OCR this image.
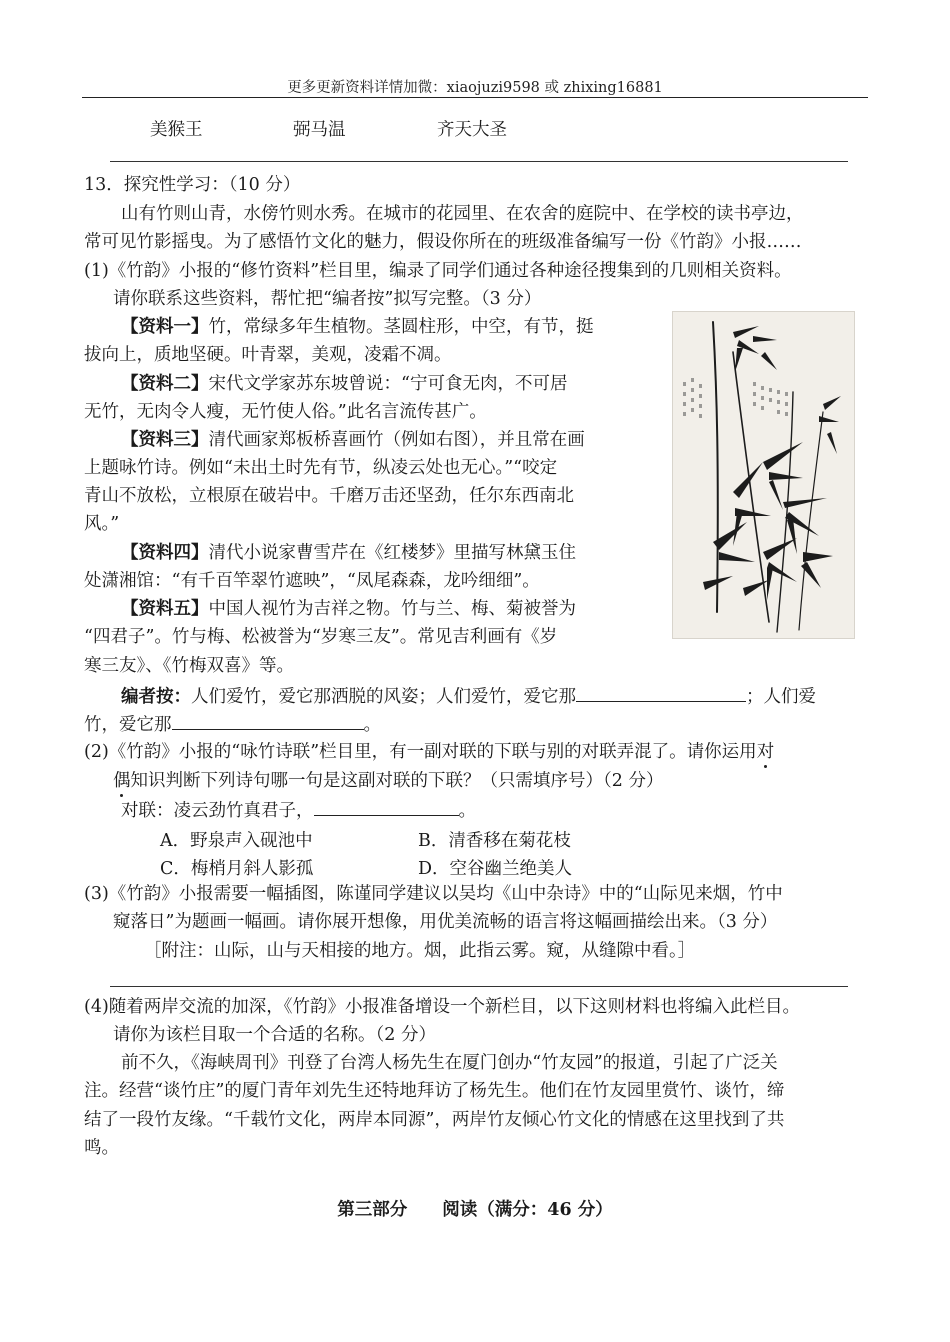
更多更新资料详情加微：xiaojuzi9598 或 zhixing16881
美猴王	弼马温	齐天大圣
13．探究性学习：（10 分）
山有竹则山青，水傍竹则水秀。在城市的花园里、在农舍的庭院中、在学校的读书亭边，
常可见竹影摇曳。为了感悟竹文化的魅力，假设你所在的班级准备编写一份《竹韵》小报……
(1)《竹韵》小报的“修竹资料”栏目里，编录了同学们通过各种途径搜集到的几则相关资料。
请你联系这些资料，帮忙把“编者按”拟写完整。（3 分）
【资料一】竹，常绿多年生植物。茎圆柱形，中空，有节，挺
拔向上，质地坚硬。叶青翠，美观，凌霜不凋。
【资料二】宋代文学家苏东坡曾说：“宁可食无肉，不可居
无竹，无肉令人瘦，无竹使人俗。”此名言流传甚广。
【资料三】清代画家郑板桥喜画竹（例如右图），并且常在画
上题咏竹诗。例如“未出土时先有节，纵凌云处也无心。”“咬定
青山不放松，立根原在破岩中。千磨万击还坚劲，任尔东西南北
风。”
【资料四】清代小说家曹雪芹在《红楼梦》里描写林黛玉住
处潇湘馆：“有千百竿翠竹遮映”，“凤尾森森，龙吟细细”。
【资料五】中国人视竹为吉祥之物。竹与兰、梅、菊被誉为
“四君子”。竹与梅、松被誉为“岁寒三友”。常见吉利画有《岁
寒三友》、《竹梅双喜》等。
编者按：人们爱竹，爱它那洒脱的风姿；人们爱竹，爱它那	；人们爱
竹，爱它那	。
(2)《竹韵》小报的“咏竹诗联”栏目里，有一副对联的下联与别的对联弄混了。请你运用对
偶知识判断下列诗句哪一句是这副对联的下联？（只需填序号）（2 分）
对联：凌云劲竹真君子，	。
A．野泉声入砚池中	B．清香移在菊花枝
C．梅梢月斜人影孤	D．空谷幽兰绝美人
(3)《竹韵》小报需要一幅插图，陈谨同学建议以吴均《山中杂诗》中的“山际见来烟，竹中
窥落日”为题画一幅画。请你展开想像，用优美流畅的语言将这幅画描绘出来。（3 分）
［附注：山际，山与天相接的地方。烟，此指云雾。窥，从缝隙中看。］
(4)随着两岸交流的加深，《竹韵》小报准备增设一个新栏目，以下这则材料也将编入此栏目。
请你为该栏目取一个合适的名称。（2 分）
前不久，《海峡周刊》刊登了台湾人杨先生在厦门创办“竹友园”的报道，引起了广泛关
注。经营“谈竹庄”的厦门青年刘先生还特地拜访了杨先生。他们在竹友园里赏竹、谈竹，缔
结了一段竹友缘。“千载竹文化，两岸本同源”，两岸竹友倾心竹文化的情感在这里找到了共
鸣。
第三部分　　阅读（满分：46 分）
